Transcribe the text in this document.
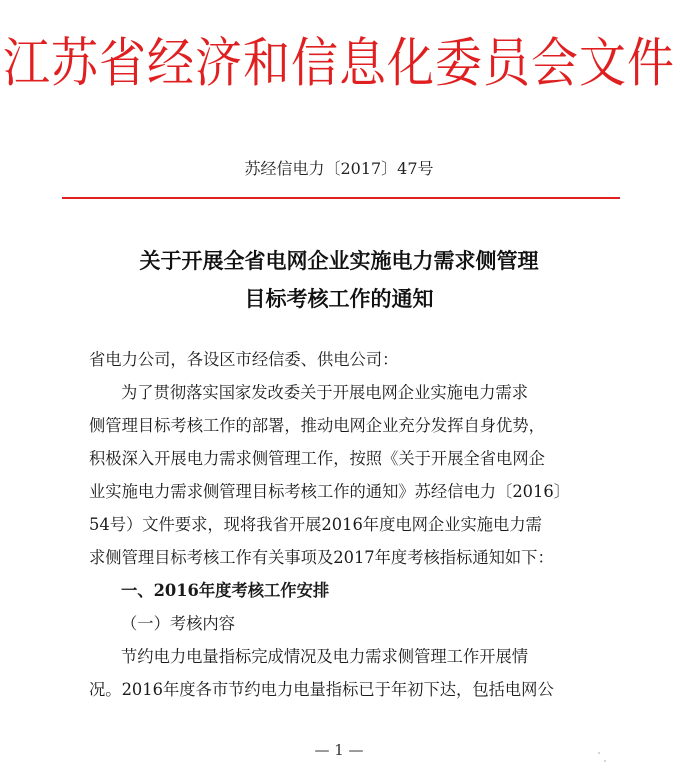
江苏省经济和信息化委员会文件
苏经信电力〔2017〕47号
关于开展全省电网企业实施电力需求侧管理
目标考核工作的通知
省电力公司，各设区市经信委、供电公司：
为了贯彻落实国家发改委关于开展电网企业实施电力需求
侧管理目标考核工作的部署，推动电网企业充分发挥自身优势，
积极深入开展电力需求侧管理工作，按照《关于开展全省电网企
业实施电力需求侧管理目标考核工作的通知》苏经信电力〔2016〕
54号）文件要求，现将我省开展2016年度电网企业实施电力需
求侧管理目标考核工作有关事项及2017年度考核指标通知如下：
一、2016年度考核工作安排
（一）考核内容
节约电力电量指标完成情况及电力需求侧管理工作开展情
况。2016年度各市节约电力电量指标已于年初下达，包括电网公
— 1 —
